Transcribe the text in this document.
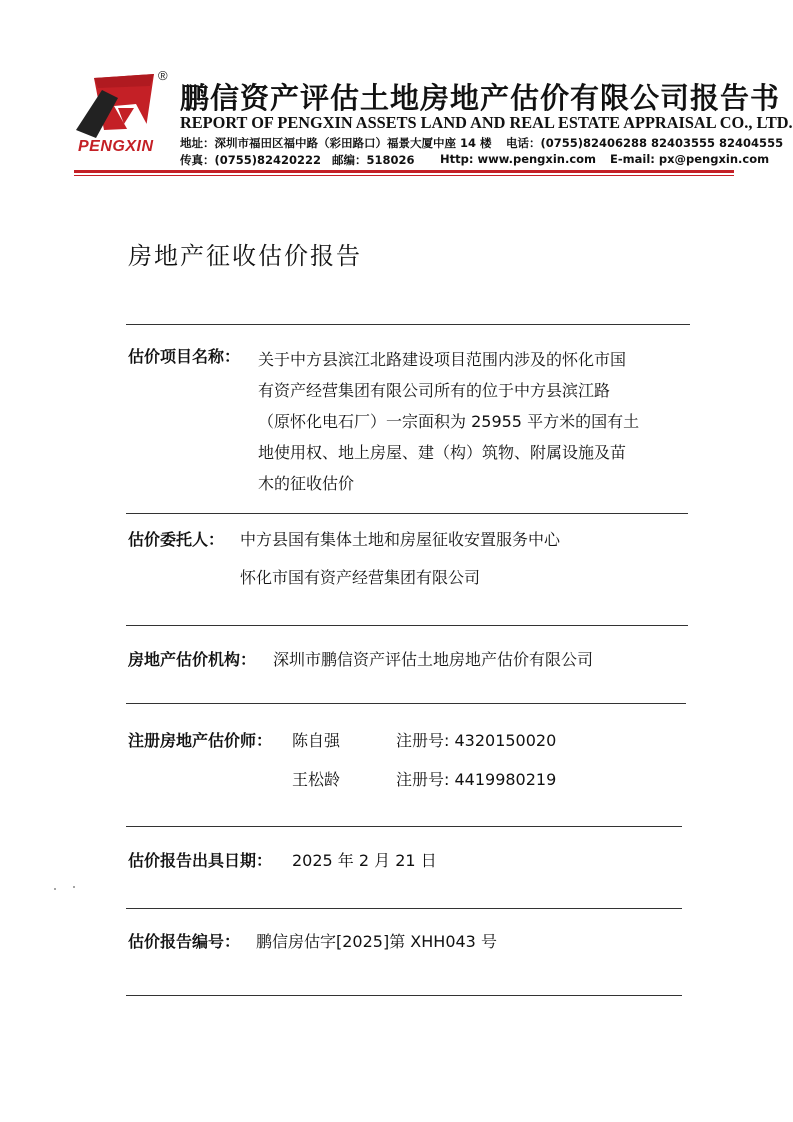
PENGXIN
®
鹏信资产评估土地房地产估价有限公司报告书
REPORT OF PENGXIN ASSETS LAND AND REAL ESTATE APPRAISAL CO., LTD.
地址：深圳市福田区福中路（彩田路口）福景大厦中座 14 楼 电话：(0755)82406288 82403555 82404555
传真：(0755)82420222 邮编：518026 Http: www.pengxin.com E-mail: px@pengxin.com
房地产征收估价报告
估价项目名称： 关于中方县滨江北路建设项目范围内涉及的怀化市国
有资产经营集团有限公司所有的位于中方县滨江路
（原怀化电石厂）一宗面积为 25955 平方米的国有土
地使用权、地上房屋、建（构）筑物、附属设施及苗
木的征收估价
估价委托人： 中方县国有集体土地和房屋征收安置服务中心
怀化市国有资产经营集团有限公司
房地产估价机构： 深圳市鹏信资产评估土地房地产估价有限公司
注册房地产估价师： 陈自强	注册号: 4320150020
王松龄	注册号: 4419980219
估价报告出具日期： 2025 年 2 月 21 日
估价报告编号： 鹏信房估字[2025]第 XHH043 号
